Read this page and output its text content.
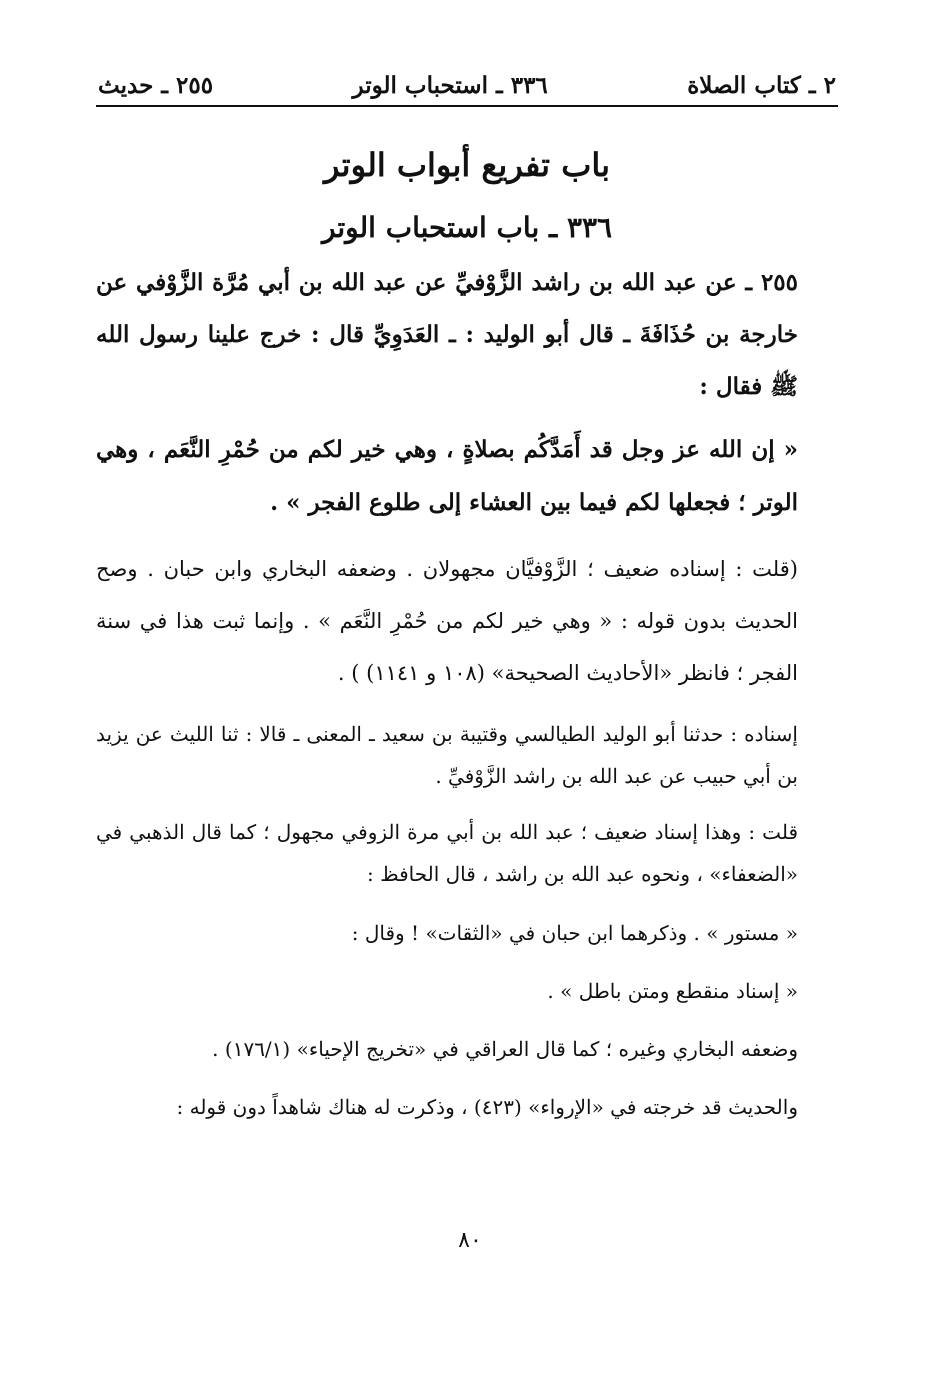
٢ ـ كتاب الصلاة
٣٣٦ ـ استحباب الوتر
٢٥٥ ـ حديث
باب تفريع أبواب الوتر
٣٣٦ ـ باب استحباب الوتر

٢٥٥ ـ عن عبد الله بن راشد الزَّوْفيِّ عن عبد الله بن أبي مُرَّة الزَّوْفي عن خارجة بن حُذَافَةَ ـ قال أبو الوليد : ـ العَدَوِيِّ قال : خرج علينا رسول الله ﷺ فقال :

« إن الله عز وجل قد أَمَدَّكُم بصلاةٍ ، وهي خير لكم من حُمْرِ النَّعَم ، وهي الوتر ؛ فجعلها لكم فيما بين العشاء إلى طلوع الفجر » .

(قلت : إسناده ضعيف ؛ الزَّوْفيَّان مجهولان . وضعفه البخاري وابن حبان . وصح الحديث بدون قوله : « وهي خير لكم من حُمْرِ النَّعَم » . وإنما ثبت هذا في سنة الفجر ؛ فانظر «الأحاديث الصحيحة» (١٠٨ و ١١٤١) ) .

إسناده : حدثنا أبو الوليد الطيالسي وقتيبة بن سعيد ـ المعنى ـ قالا : ثنا الليث عن يزيد بن أبي حبيب عن عبد الله بن راشد الزَّوْفيِّ .

قلت : وهذا إسناد ضعيف ؛ عبد الله بن أبي مرة الزوفي مجهول ؛ كما قال الذهبي في «الضعفاء» ، ونحوه عبد الله بن راشد ، قال الحافظ :

« مستور » . وذكرهما ابن حبان في «الثقات» ! وقال :

« إسناد منقطع ومتن باطل » .

وضعفه البخاري وغيره ؛ كما قال العراقي في «تخريج الإحياء» (١٧٦/١) .

والحديث قد خرجته في «الإرواء» (٤٢٣) ، وذكرت له هناك شاهداً دون قوله :

٨٠
